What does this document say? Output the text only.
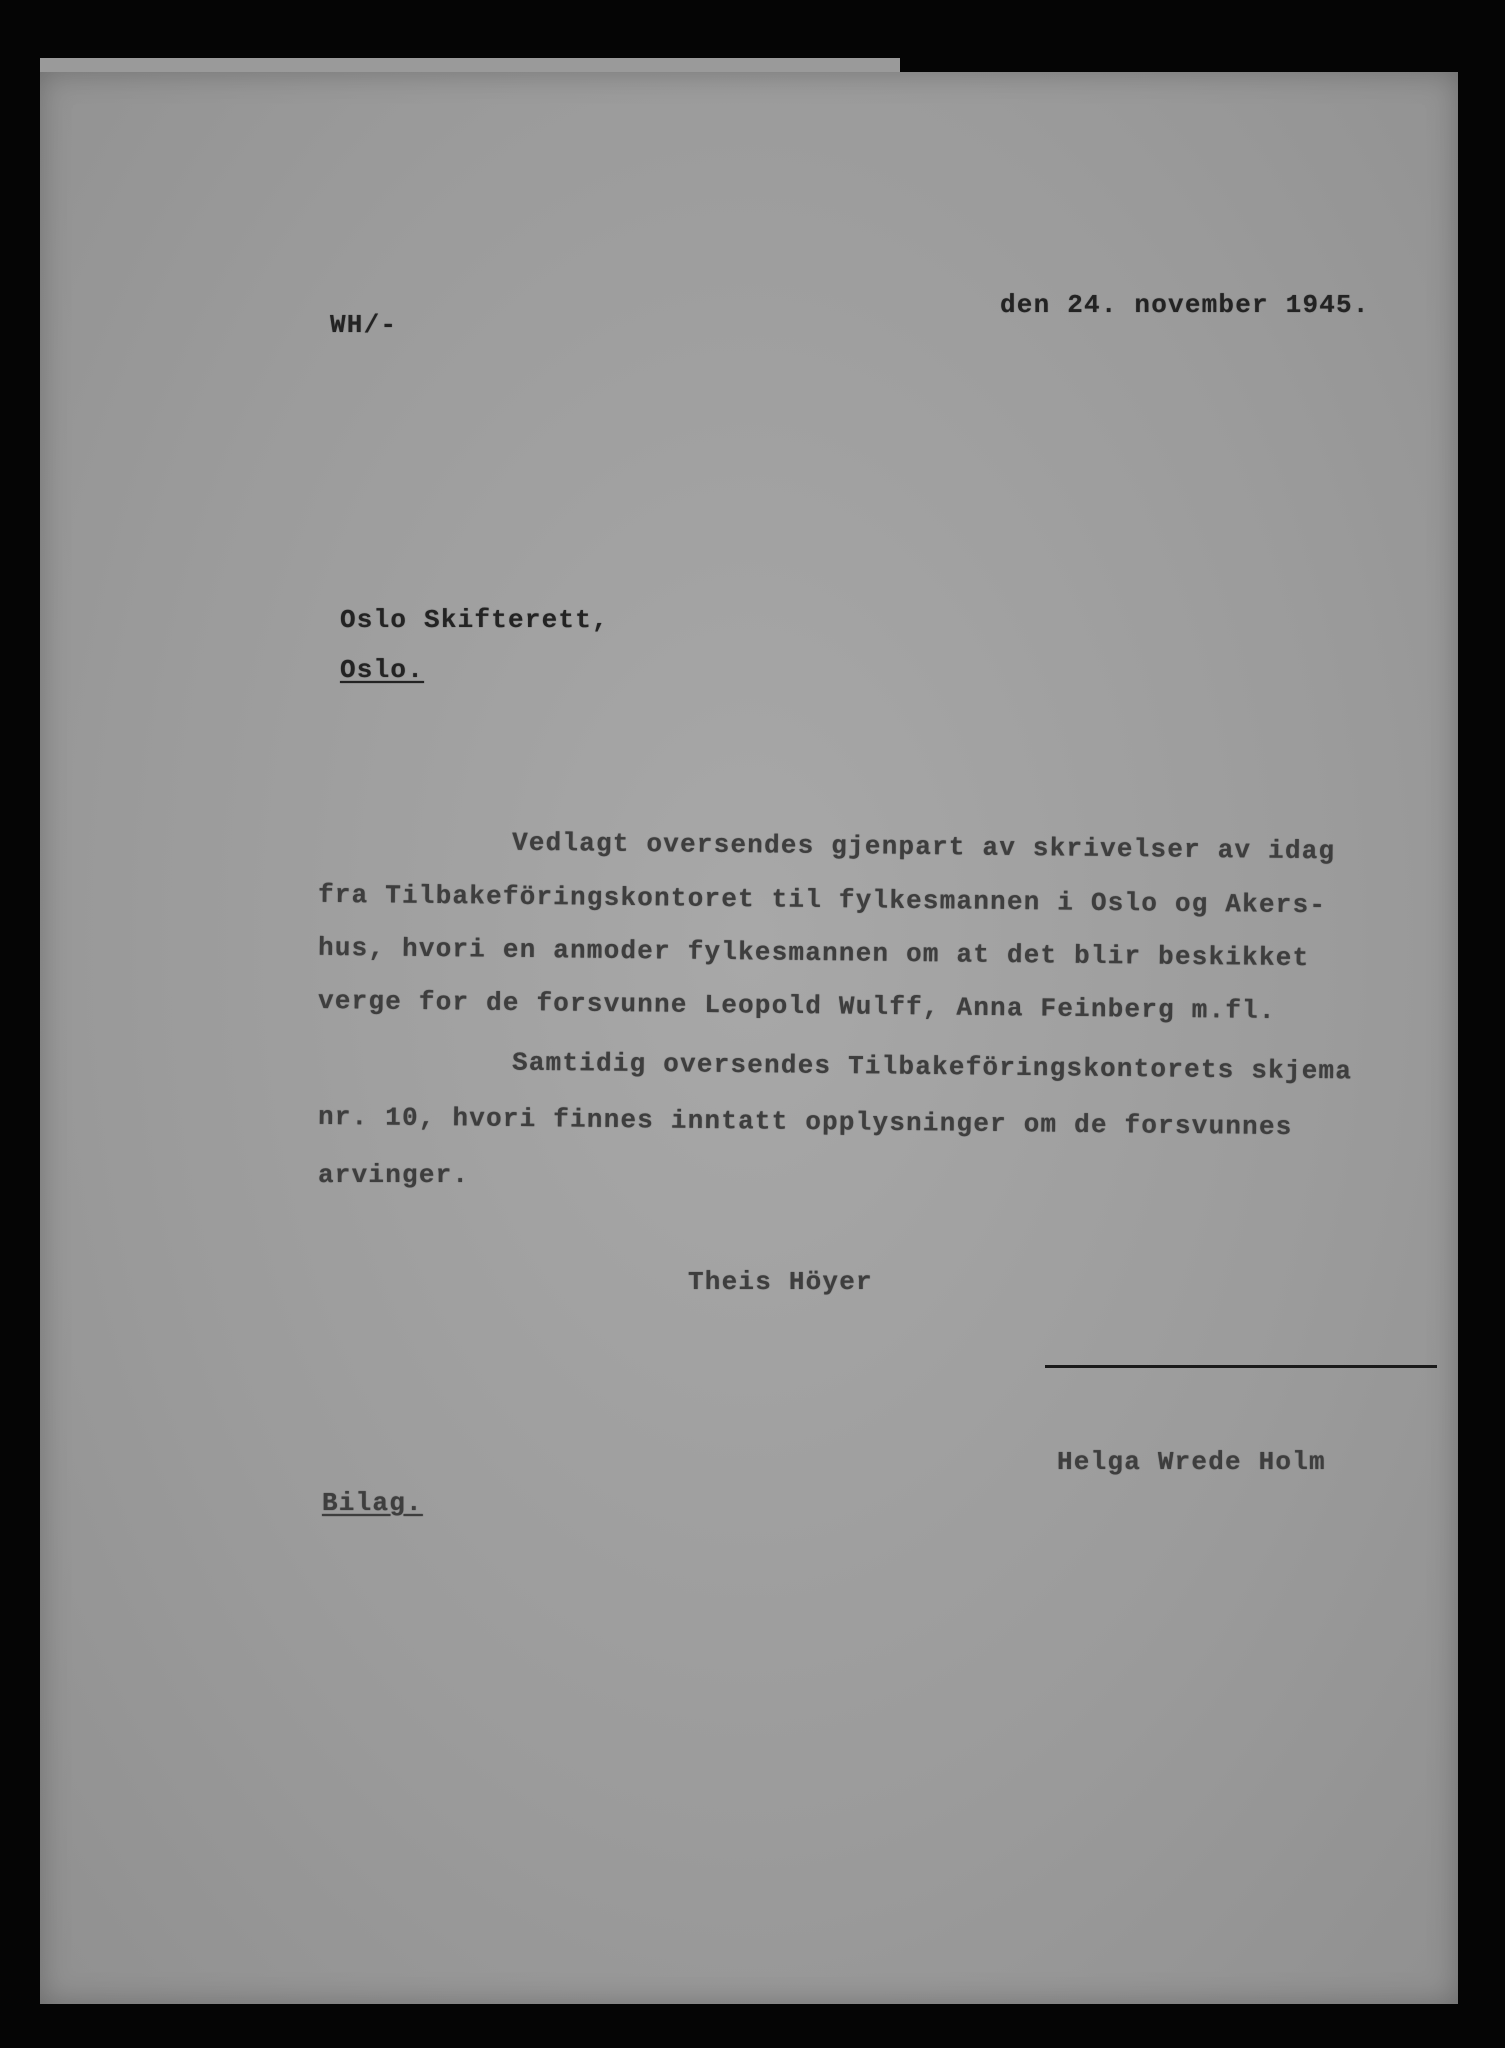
WH/-
den 24. november 1945.
Oslo Skifterett,
Oslo.
Vedlagt oversendes gjenpart av skrivelser av idag
fra Tilbakeföringskontoret til fylkesmannen i Oslo og Akers-
hus, hvori en anmoder fylkesmannen om at det blir beskikket
verge for de forsvunne Leopold Wulff, Anna Feinberg m.fl.
Samtidig oversendes Tilbakeföringskontorets skjema
nr. 10, hvori finnes inntatt opplysninger om de forsvunnes
arvinger.
Theis Höyer
Helga Wrede Holm
Bilag.
